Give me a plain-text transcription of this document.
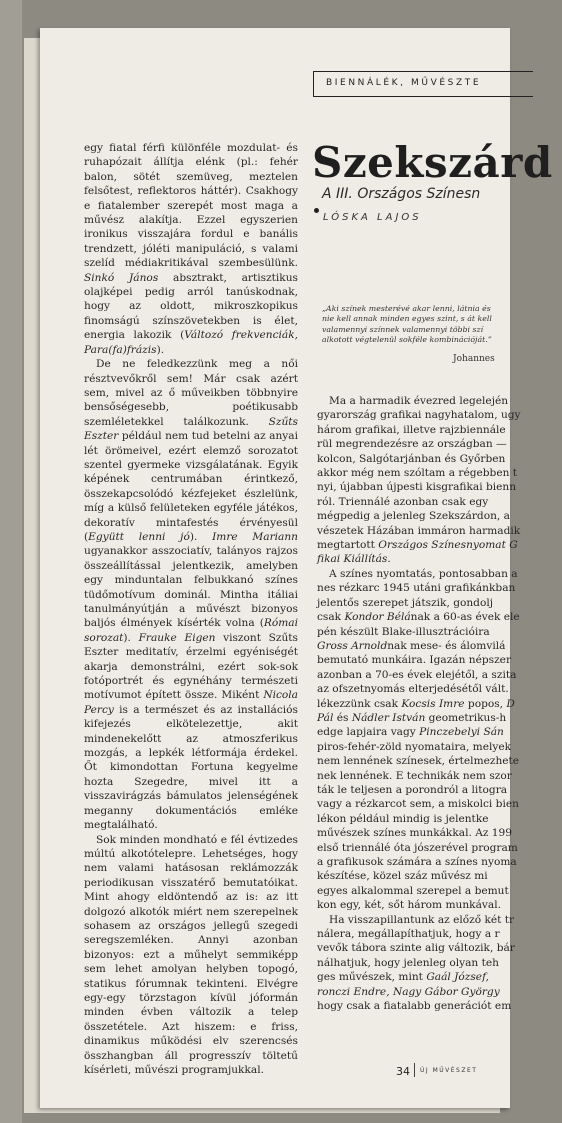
BIENNÁLÉK, MŰVÉSZTE

egy fiatal férfi különféle mozdulat- és ruhapózait állítja elénk (pl.: fehér balon, sötét szemüveg, meztelen felsőtest, reflektoros háttér). Csakhogy e fiatalember szerepét most maga a művész alakítja. Ezzel egyszerien ironikus visszajára fordul e banális trendzett, jóléti manipuláció, s valami szelíd médiakritikával szembesülünk. Sinkó János absztrakt, artisztikus olajképei pedig arról tanúskodnak, hogy az oldott, mikroszkopikus finomságú színszövetekben is élet, energia lakozik (Változó frekvenciák, Para(fa)frázis).

De ne feledkezzünk meg a női résztvevőkről sem! Már csak azért sem, mivel az ő műveikben többnyire bensőségesebb, poétikusabb szemléletekkel találkozunk. Szűts Eszter például nem tud betelni az anyai lét örömeivel, ezért elemző sorozatot szentel gyermeke vizsgálatának. Egyik képének centrumában érintkező, összekapcsolódó kézfejeket észlelünk, míg a külső felületeken egyféle játékos, dekoratív mintafestés érvényesül (Együtt lenni jó). Imre Mariann ugyanakkor asszociatív, talányos rajzos összeállítással jelentkezik, amelyben egy minduntalan felbukkanó színes tüdőmotívum dominál. Mintha itáliai tanulmányútján a művészt bizonyos baljós élmények kísérték volna (Római sorozat). Frauke Eigen viszont Szűts Eszter meditatív, érzelmi egyéniségét akarja demonstrálni, ezért sok-sok fotóportrét és egynéhány természeti motívumot épített össze. Miként Nicola Percy is a természet és az installációs kifejezés elkötelezettje, akit mindenekelőtt az atmoszferikus mozgás, a lepkék létformája érdekel. Őt kimondottan Fortuna kegyelme hozta Szegedre, mivel itt a visszavirágzás bámulatos jelenségének meganny dokumentációs emléke megtalálható.

Sok minden mondható e fél évtizedes múltú alkotótelepre. Lehetséges, hogy nem valami hatásosan reklámozzák periodikusan visszatérő bemutatóikat. Mint ahogy eldöntendő az is: az itt dolgozó alkotók miért nem szerepelnek sohasem az országos jellegű szegedi seregszemléken. Annyi azonban bizonyos: ezt a műhelyt semmiképp sem lehet amolyan helyben topogó, statikus fórumnak tekinteni. Elvégre egy-egy törzstagon kívül jóformán minden évben változik a telep összetétele. Azt hiszem: e friss, dinamikus működési elv szerencsés összhangban áll progresszív töltetű kísérleti, művészi programjukkal.

Szekszárd
A III. Országos Színesn
LÓSKA LAJOS
„Aki színek mesterévé akar lenni, látnia és
nie kell annak minden egyes szint, s át kell
valamennyi színnek valamennyi többi szí
alkotott végtelenül sokféle kombinációját.”
Johannes
Ma a harmadik évezred legelején
gyarország grafikai nagyhatalom, ugy
három grafikai, illetve rajzbiennále
rül megrendezésre az országban —
kolcon, Salgótarjánban és Győrben
akkor még nem szóltam a régebben t
nyi, újabban újpesti kisgrafikai bienn
ról. Triennálé azonban csak egy
mégpedig a jelenleg Szekszárdon, a
vészetek Házában immáron harmadik
megtartott Országos Színesnyomat G
fikai Kiállítás.
A színes nyomtatás, pontosabban a
nes rézkarc 1945 utáni grafikánkban
jelentős szerepet játszik, gondolj
csak Kondor Bélának a 60-as évek ele
pén készült Blake-illusztrációira
Gross Arnoldnak mese- és álomvilá
bemutató munkáira. Igazán népszer
azonban a 70-es évek elejétől, a szita
az ofszetnyomás elterjedésétől vált.
lékezzünk csak Kocsis Imre popos, D
Pál és Nádler István geometrikus-h
edge lapjaira vagy Pinczebelyi Sán
piros-fehér-zöld nyomataira, melyek
nem lennének színesek, értelmezhete
nek lennének. E technikák nem szor
ták le teljesen a porondról a litogra
vagy a rézkarcot sem, a miskolci bien
lékon például mindig is jelentke
művészek színes munkákkal. Az 199
első triennálé óta jószerével program
a grafikusok számára a színes nyoma
készítése, közel száz művész mi
egyes alkalommal szerepel a bemut
kon egy, két, sőt három munkával.
Ha visszapillantunk az előző két tr
nálera, megállapíthatjuk, hogy a r
vevők tábora szinte alig változik, bár
nálhatjuk, hogy jelenleg olyan teh
ges művészek, mint Gaál József,
ronczi Endre, Nagy Gábor György
hogy csak a fiatalabb generációt em
34 ÚJ MŰVÉSZET
